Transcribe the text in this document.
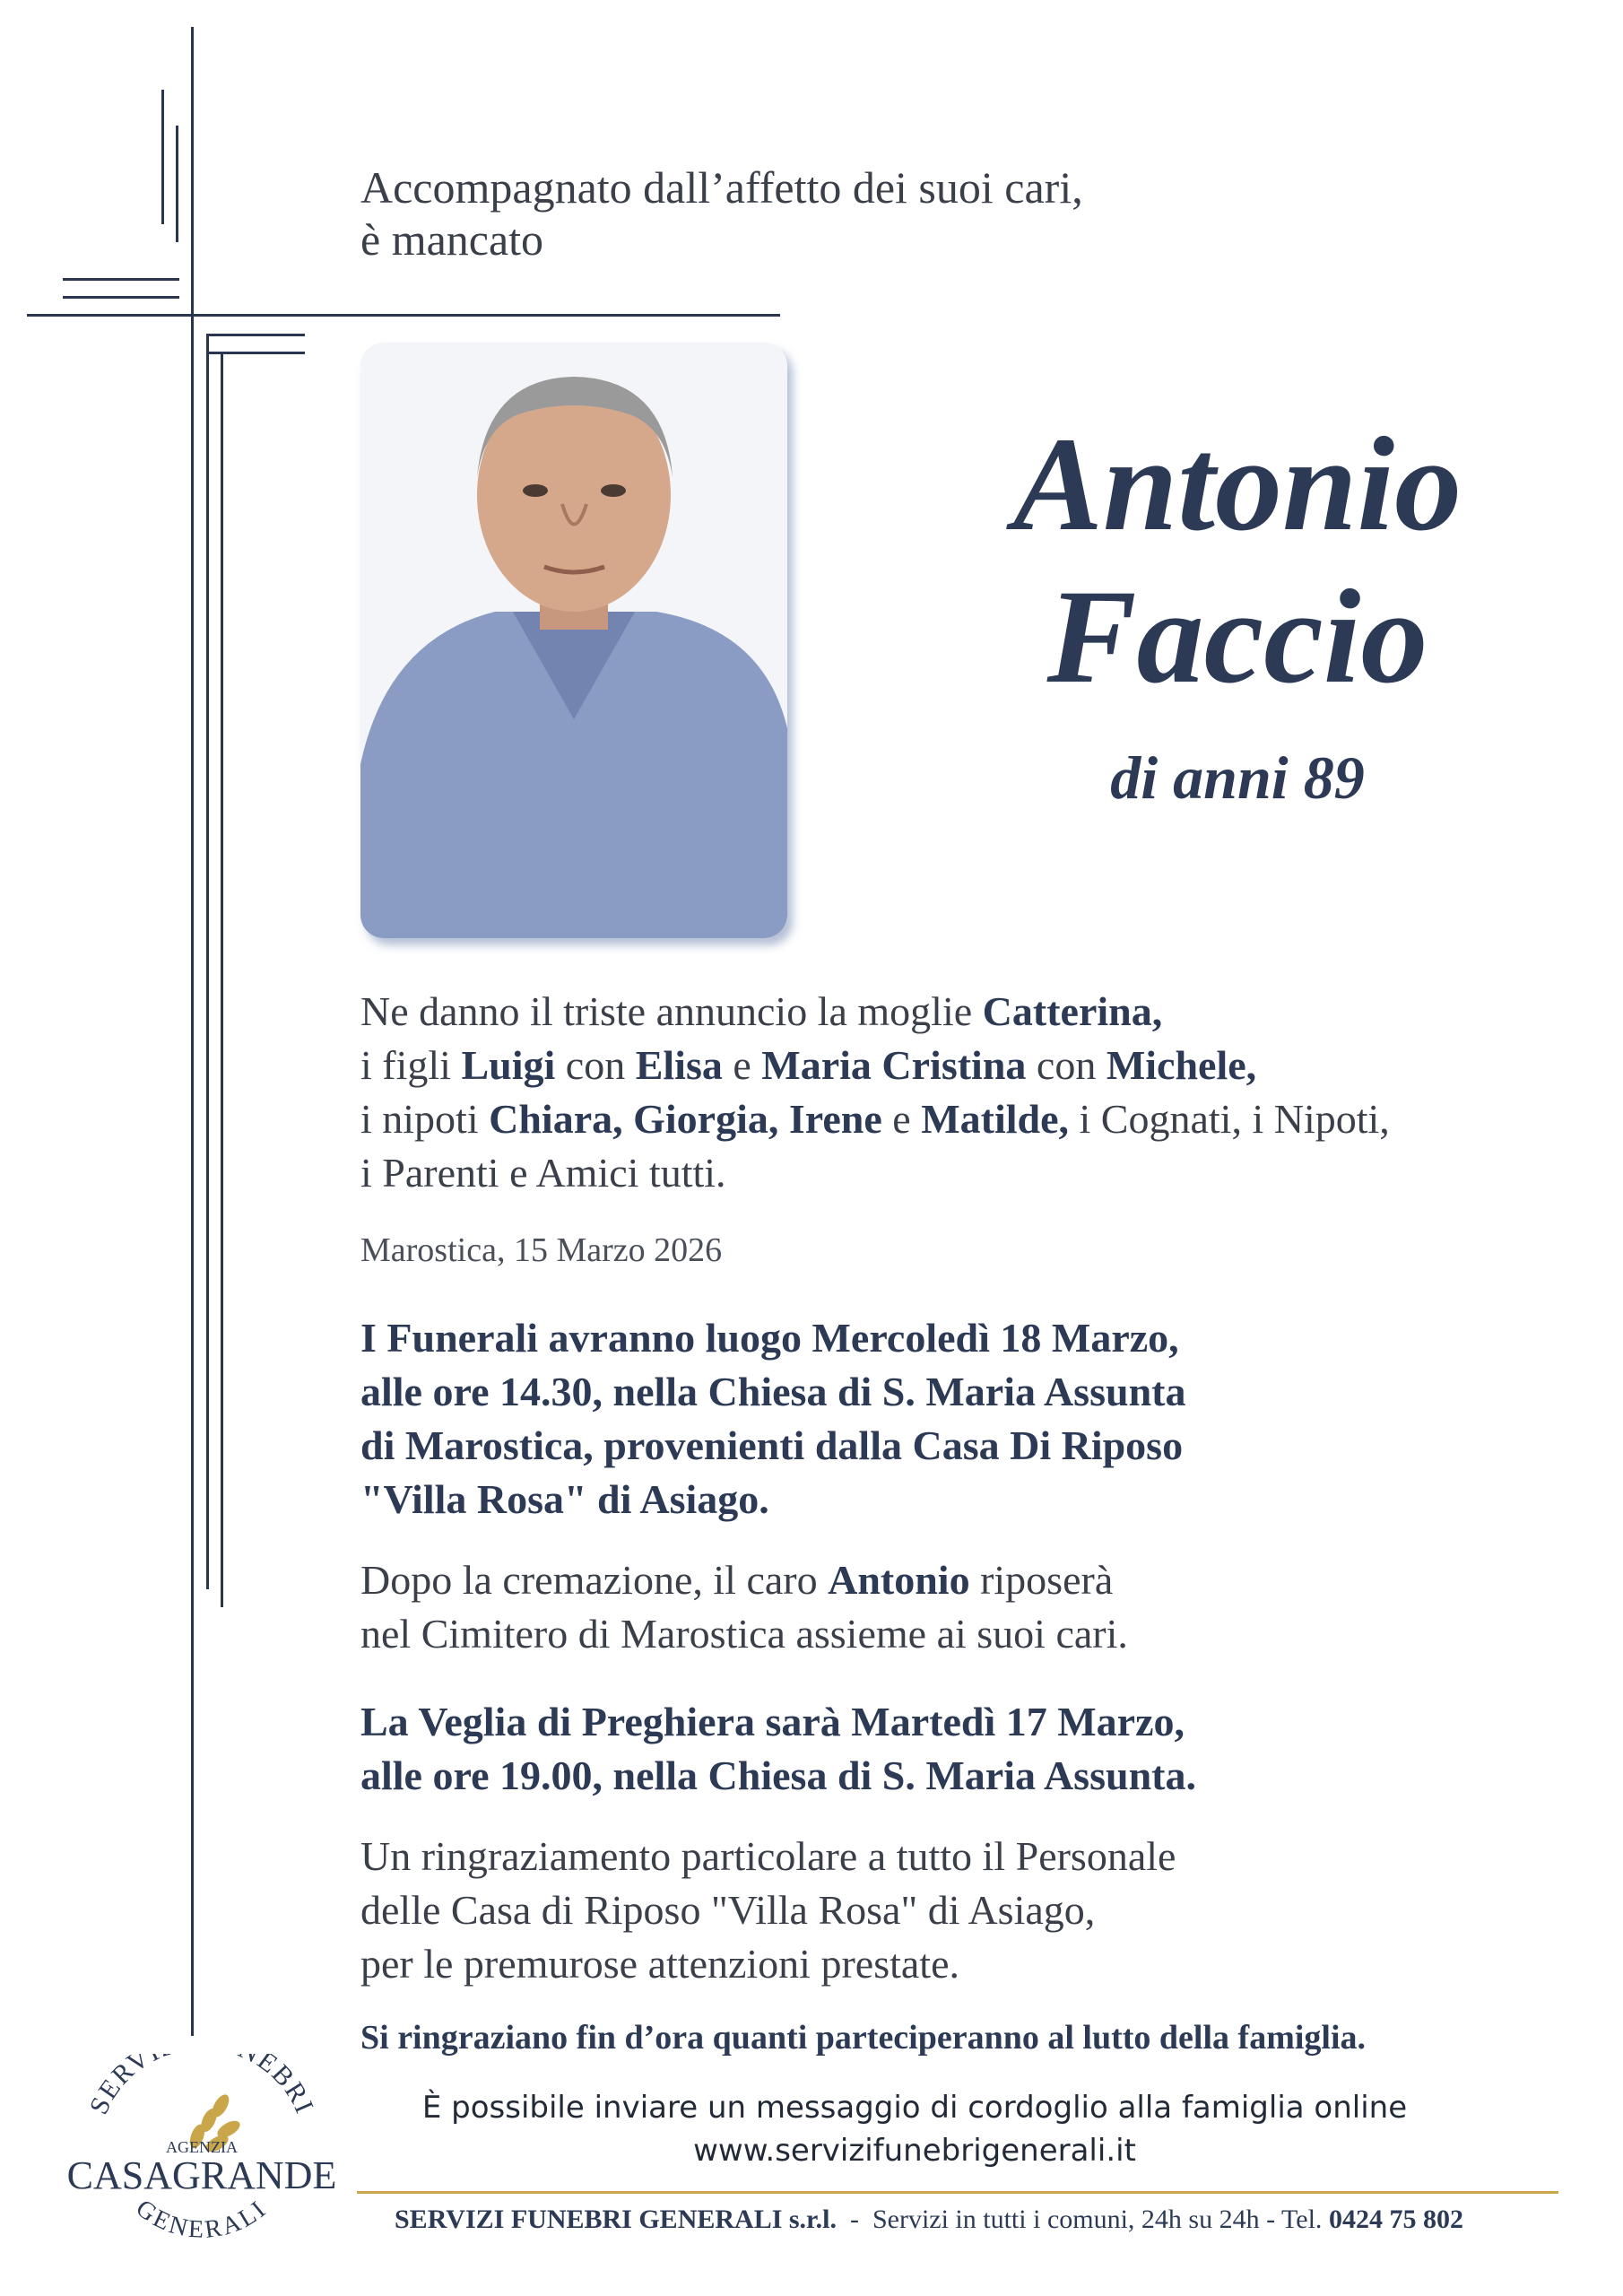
Accompagnato dall’affetto dei suoi cari,
è mancato
Antonio
Faccio
di anni 89
Ne danno il triste annuncio la moglie Catterina,
i figli Luigi con Elisa e Maria Cristina con Michele,
i nipoti Chiara, Giorgia, Irene e Matilde, i Cognati, i Nipoti,
i Parenti e Amici tutti.
Marostica, 15 Marzo 2026
I Funerali avranno luogo Mercoledì 18 Marzo,
alle ore 14.30, nella Chiesa di S. Maria Assunta
di Marostica, provenienti dalla Casa Di Riposo
"Villa Rosa" di Asiago.
Dopo la cremazione, il caro Antonio riposerà
nel Cimitero di Marostica assieme ai suoi cari.
La Veglia di Preghiera sarà Martedì 17 Marzo,
alle ore 19.00, nella Chiesa di S. Maria Assunta.
Un ringraziamento particolare a tutto il Personale
delle Casa di Riposo "Villa Rosa" di Asiago,
per le premurose attenzioni prestate.
Si ringraziano fin d’ora quanti parteciperanno al lutto della famiglia.
È possibile inviare un messaggio di cordoglio alla famiglia online
www.servizifunebrigenerali.it
SERV EBRI
AGENZIA
CASAGRANDE
GENERALI	SERVIZI FUNEBRI GENERALI s.r.l.  -  Servizi in tutti i comuni, 24h su 24h - Tel. 0424 75 802
